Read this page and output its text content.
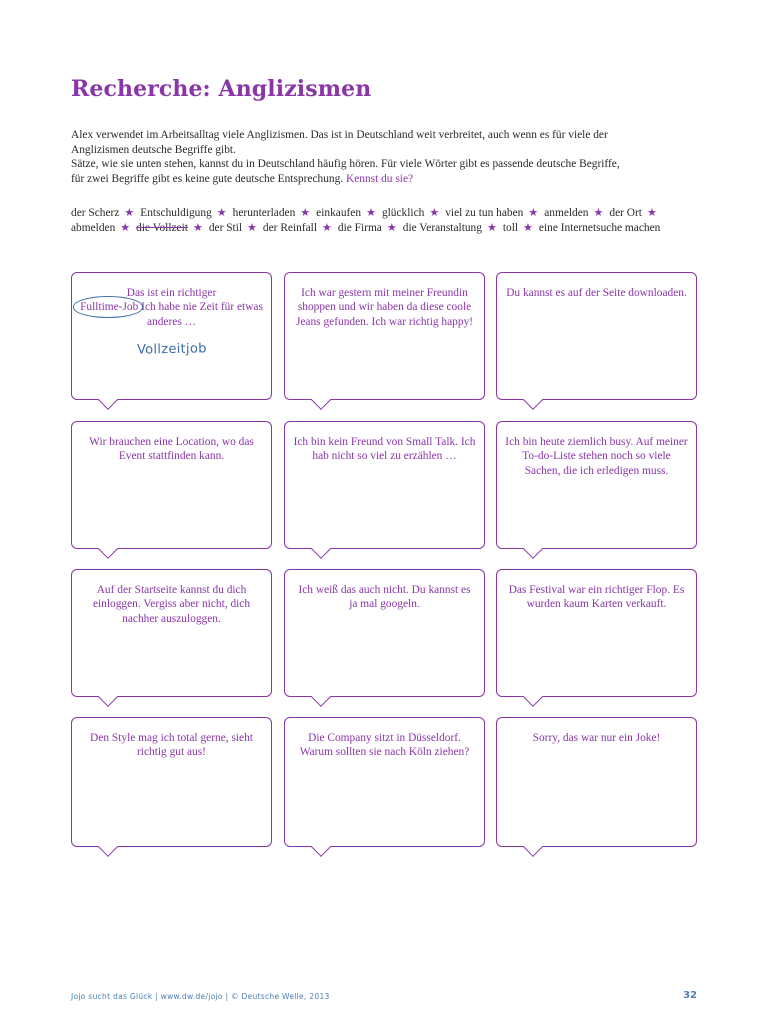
Recherche: Anglizismen
Alex verwendet im Arbeitsalltag viele Anglizismen. Das ist in Deutschland weit verbreitet, auch wenn es für viele der
Anglizismen deutsche Begriffe gibt.
Sätze, wie sie unten stehen, kannst du in Deutschland häufig hören. Für viele Wörter gibt es passende deutsche Begriffe,
für zwei Begriffe gibt es keine gute deutsche Entsprechung. Kennst du sie?
der Scherz ★ Entschuldigung ★ herunterladen ★ einkaufen ★ glücklich ★ viel zu tun haben ★ anmelden ★ der Ort ★
abmelden ★ die Vollzeit ★ der Stil ★ der Reinfall ★ die Firma ★ die Veranstaltung ★ toll ★ eine Internetsuche machen

Das ist ein richtiger
Fulltime-Job Ich habe nie Zeit für etwas anderes …

Vollzeitjob

Ich war gestern mit meiner Freundin shoppen und wir haben da diese coole Jeans gefunden. Ich war richtig happy!

Du kannst es auf der Seite downloaden.

Wir brauchen eine Location, wo das Event stattfinden kann.

Ich bin kein Freund von Small Talk. Ich hab nicht so viel zu erzählen …

Ich bin heute ziemlich busy. Auf meiner To-do-Liste stehen noch so viele Sachen, die ich erledigen muss.

Auf der Startseite kannst du dich einloggen. Vergiss aber nicht, dich nachher auszuloggen.

Ich weiß das auch nicht. Du kannst es ja mal googeln.

Das Festival war ein richtiger Flop. Es wurden kaum Karten verkauft.

Den Style mag ich total gerne, sieht richtig gut aus!

Die Company sitzt in Düsseldorf. Warum sollten sie nach Köln ziehen?

Sorry, das war nur ein Joke!

Jojo sucht das Glück | www.dw.de/jojo | © Deutsche Welle, 2013	32
